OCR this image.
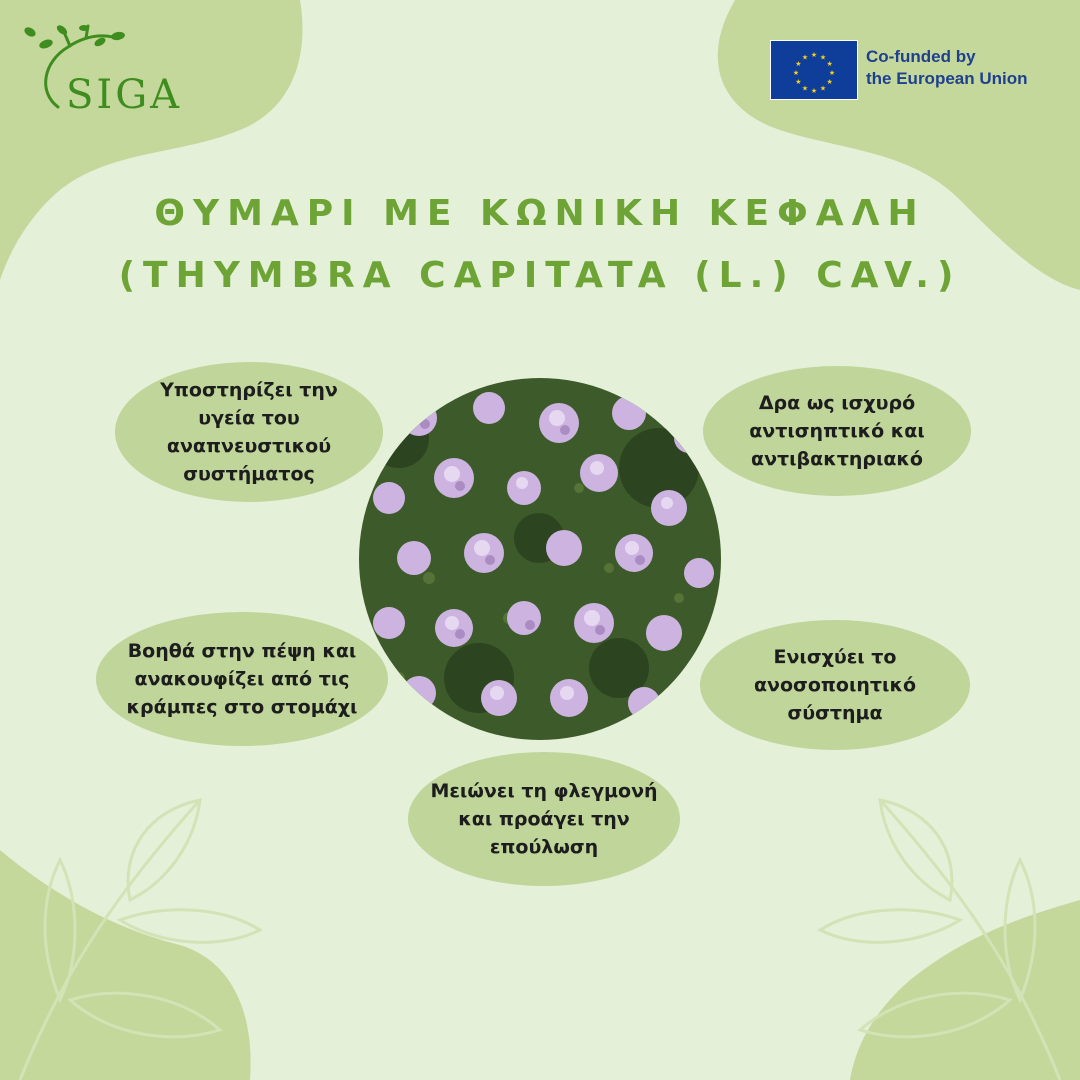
SIGA
★ ★
★
★
★
★
★
★
★
★
★
★	Co-funded by
the European Union
ΘΥΜΑΡΙ ΜΕ ΚΩΝΙΚΗ ΚΕΦΑΛΗ
(THYMBRA CAPITATA (L.) CAV.)
Υποστηρίζει την
υγεία του
αναπνευστικού
συστήματος
Δρα ως ισχυρό
αντισηπτικό και
αντιβακτηριακό
Βοηθά στην πέψη και
ανακουφίζει από τις
κράμπες στο στομάχι
Ενισχύει το
ανοσοποιητικό
σύστημα
Μειώνει τη φλεγμονή
και προάγει την
επούλωση
